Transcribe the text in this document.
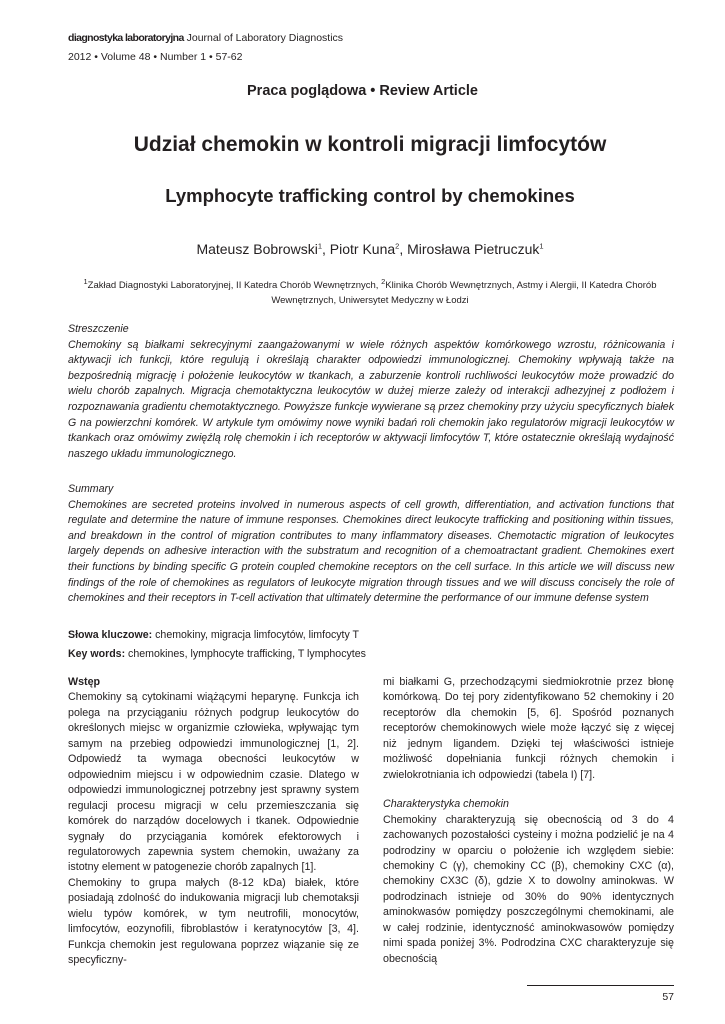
diagnostyka laboratoryjna Journal of Laboratory Diagnostics
2012 • Volume 48 • Number 1 • 57-62
Praca poglądowa • Review Article
Udział chemokin w kontroli migracji limfocytów
Lymphocyte trafficking control by chemokines
Mateusz Bobrowski$^1$, Piotr Kuna$^2$, Mirosława Pietruczuk$^1$
$^1$Zakład Diagnostyki Laboratoryjnej, II Katedra Chorób Wewnętrznych, $^2$Klinika Chorób Wewnętrznych, Astmy i Alergii, II Katedra Chorób Wewnętrznych, Uniwersytet Medyczny w Łodzi
Streszczenie
Chemokiny są białkami sekrecyjnymi zaangażowanymi w wiele różnych aspektów komórkowego wzrostu, różnicowania i aktywacji ich funkcji, które regulują i określają charakter odpowiedzi immunologicznej. Chemokiny wpływają także na bezpośrednią migrację i położenie leukocytów w tkankach, a zaburzenie kontroli ruchliwości leukocytów może prowadzić do wielu chorób zapalnych. Migracja chemotaktyczna leukocytów w dużej mierze zależy od interakcji adhezyjnej z podłożem i rozpoznawania gradientu chemotaktycznego. Powyższe funkcje wywierane są przez chemokiny przy użyciu specyficznych białek G na powierzchni komórek. W artykule tym omówimy nowe wyniki badań roli chemokin jako regulatorów migracji leukocytów w tkankach oraz omówimy zwięźlą rolę chemokin i ich receptorów w aktywacji limfocytów T, które ostatecznie określają wydajność naszego układu immunologicznego.
Summary
Chemokines are secreted proteins involved in numerous aspects of cell growth, differentiation, and activation functions that regulate and determine the nature of immune responses. Chemokines direct leukocyte trafficking and positioning within tissues, and breakdown in the control of migration contributes to many inflammatory diseases. Chemotactic migration of leukocytes largely depends on adhesive interaction with the substratum and recognition of a chemoatractant gradient. Chemokines exert their functions by binding specific G protein coupled chemokine receptors on the cell surface. In this article we will discuss new findings of the role of chemokines as regulators of leukocyte migration through tissues and we will discuss concisely the role of chemokines and their receptors in T-cell activation that ultimately determine the performance of our immune defense system
Słowa kluczowe: chemokiny, migracja limfocytów, limfocyty T
Key words: chemokines, lymphocyte trafficking, T lymphocytes

Wstęp

Chemokiny są cytokinami wiążącymi heparynę. Funkcja ich polega na przyciąganiu różnych podgrup leukocytów do określonych miejsc w organizmie człowieka, wpływając tym samym na przebieg odpowiedzi immunologicznej [1, 2]. Odpowiedź ta wymaga obecności leukocytów w odpowiednim miejscu i w odpowiednim czasie. Dlatego w odpowiedzi immunologicznej potrzebny jest sprawny system regulacji procesu migracji w celu przemieszczania się komórek do narządów docelowych i tkanek. Odpowiednie sygnały do przyciągania komórek efektorowych i regulatorowych zapewnia system chemokin, uważany za istotny element w patogenezie chorób zapalnych [1].

Chemokiny to grupa małych (8-12 kDa) białek, które posiadają zdolność do indukowania migracji lub chemotaksji wielu typów komórek, w tym neutrofili, monocytów, limfocytów, eozynofili, fibroblastów i keratynocytów [3, 4]. Funkcja chemokin jest regulowana poprzez wiązanie się ze specyficzny-

mi białkami G, przechodzącymi siedmiokrotnie przez błonę komórkową. Do tej pory zidentyfikowano 52 chemokiny i 20 receptorów dla chemokin [5, 6]. Spośród poznanych receptorów chemokinowych wiele może łączyć się z więcej niż jednym ligandem. Dzięki tej właściwości istnieje możliwość dopełniania funkcji różnych chemokin i zwielokrotniania ich odpowiedzi (tabela I) [7].

Charakterystyka chemokin

Chemokiny charakteryzują się obecnością od 3 do 4 zachowanych pozostałości cysteiny i można podzielić je na 4 podrodziny w oparciu o położenie ich względem siebie: chemokiny C (γ), chemokiny CC (β), chemokiny CXC (α), chemokiny CX3C (δ), gdzie X to dowolny aminokwas. W podrodzinach istnieje od 30% do 90% identycznych aminokwasów pomiędzy poszczególnymi chemokinami, ale w całej rodzinie, identyczność aminokwasowów pomiędzy nimi spada poniżej 3%. Podrodzina CXC charakteryzuje się obecnością

57
